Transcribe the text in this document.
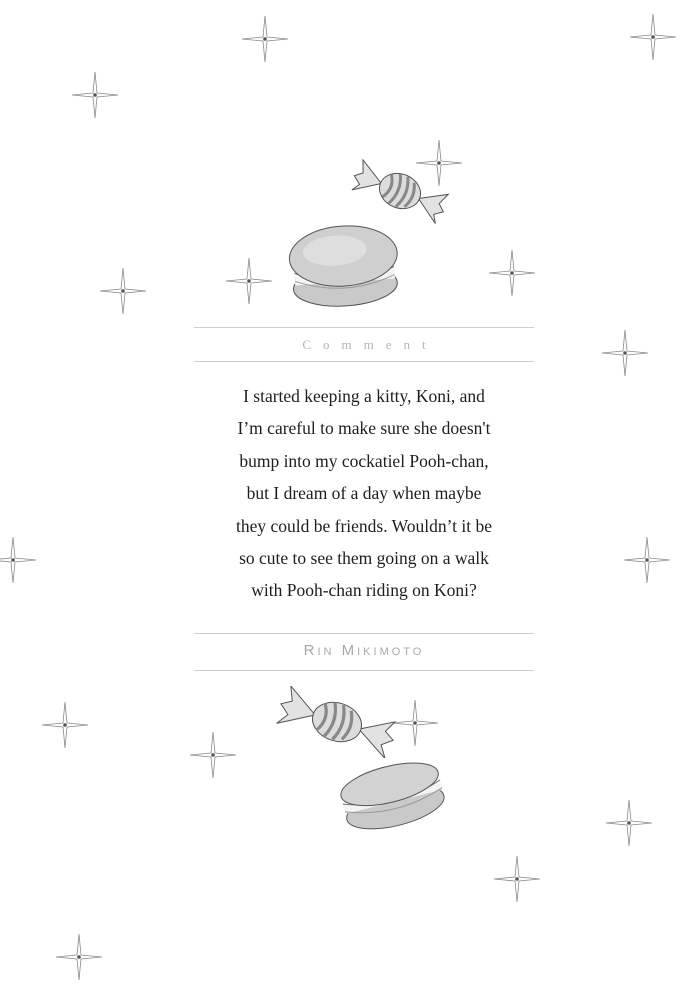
Comment
I started keeping a kitty, Koni, and
I’m careful to make sure she doesn't
bump into my cockatiel Pooh-chan,
but I dream of a day when maybe
they could be friends. Wouldn’t it be
so cute to see them going on a walk
with Pooh-chan riding on Koni?
Rin Mikimoto
